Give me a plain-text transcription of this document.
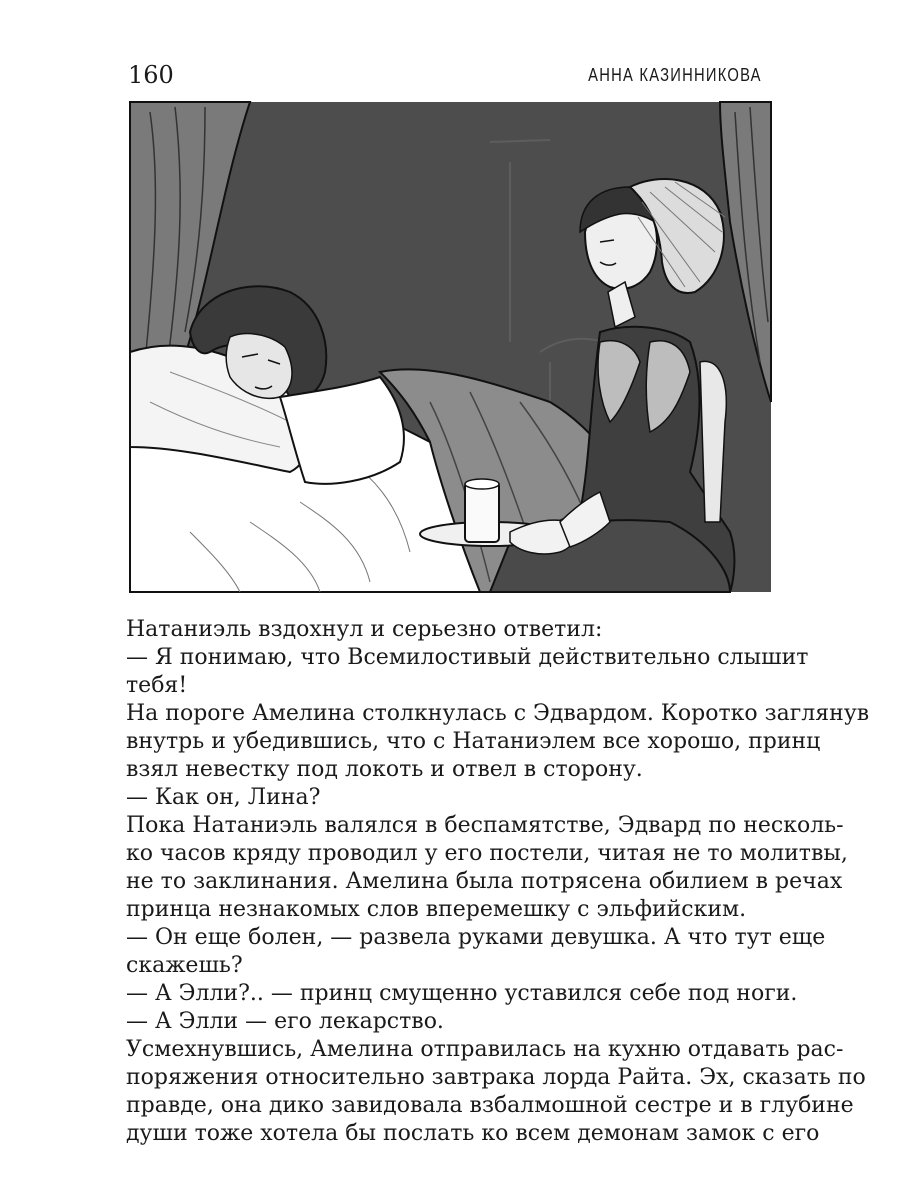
160	АННА КАЗИННИКОВА
Натаниэль вздохнул и серьезно ответил:
— Я понимаю, что Всемилостивый действительно слышит
тебя!
На пороге Амелина столкнулась с Эдвардом. Коротко заглянув
внутрь и убедившись, что с Натаниэлем все хорошо, принц
взял невестку под локоть и отвел в сторону.
— Как он, Лина?
Пока Натаниэль валялся в беспамятстве, Эдвард по несколь-
ко часов кряду проводил у его постели, читая не то молитвы,
не то заклинания. Амелина была потрясена обилием в речах
принца незнакомых слов вперемешку с эльфийским.
— Он еще болен, — развела руками девушка. А что тут еще
скажешь?
— А Элли?.. — принц смущенно уставился себе под ноги.
— А Элли — его лекарство.
Усмехнувшись, Амелина отправилась на кухню отдавать рас-
поряжения относительно завтрака лорда Райта. Эх, сказать по
правде, она дико завидовала взбалмошной сестре и в глубине
души тоже хотела бы послать ко всем демонам замок с его
